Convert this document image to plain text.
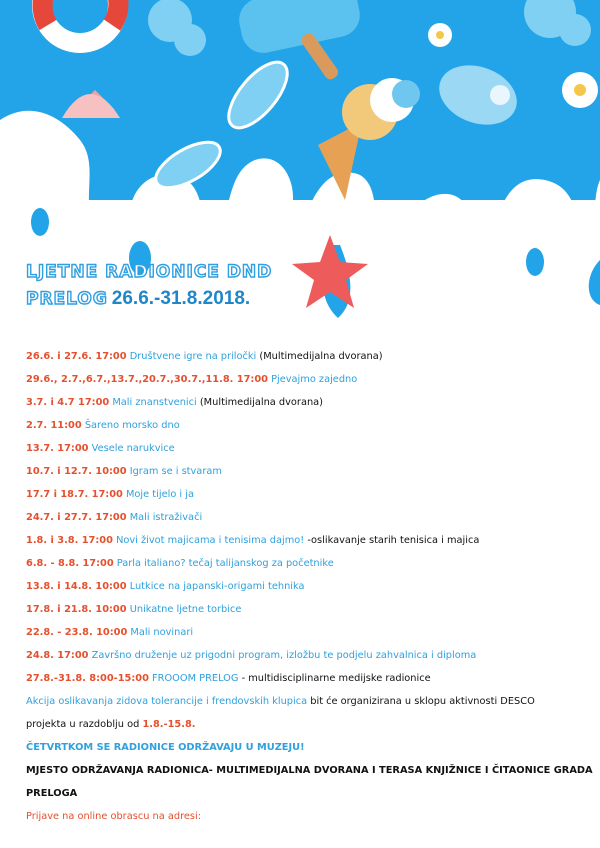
LJETNE RADIONICE DND
PRELOG 26.6.-31.8.2018.
26.6. i 27.6. 17:00 Društvene igre na priločki (Multimedijalna dvorana)
29.6., 2.7.,6.7.,13.7.,20.7.,30.7.,11.8. 17:00 Pjevajmo zajedno
3.7. i 4.7 17:00 Mali znanstvenici (Multimedijalna dvorana)
2.7. 11:00 Šareno morsko dno
13.7. 17:00 Vesele narukvice
10.7. i 12.7. 10:00 Igram se i stvaram
17.7 i 18.7. 17:00 Moje tijelo i ja
24.7. i 27.7. 17:00 Mali istraživači
1.8. i 3.8. 17:00 Novi život majicama i tenisima dajmo! -oslikavanje starih tenisica i majica
6.8. - 8.8. 17:00 Parla italiano? tečaj talijanskog za početnike
13.8. i 14.8. 10:00 Lutkice na japanski-origami tehnika
17.8. i 21.8. 10:00 Unikatne ljetne torbice
22.8. - 23.8. 10:00 Mali novinari
24.8. 17:00 Završno druženje uz prigodni program, izložbu te podjelu zahvalnica i diploma
27.8.-31.8. 8:00-15:00 FROOOM PRELOG - multidisciplinarne medijske radionice
Akcija oslikavanja zidova tolerancije i frendovskih klupica bit će organizirana u sklopu aktivnosti DESCO
projekta u razdoblju od 1.8.-15.8.
ČETVRTKOM SE RADIONICE ODRŽAVAJU U MUZEJU!
MJESTO ODRŽAVANJA RADIONICA- MULTIMEDIJALNA DVORANA I TERASA KNJIŽNICE I ČITAONICE GRADA
PRELOGA
Prijave na online obrascu na adresi:
